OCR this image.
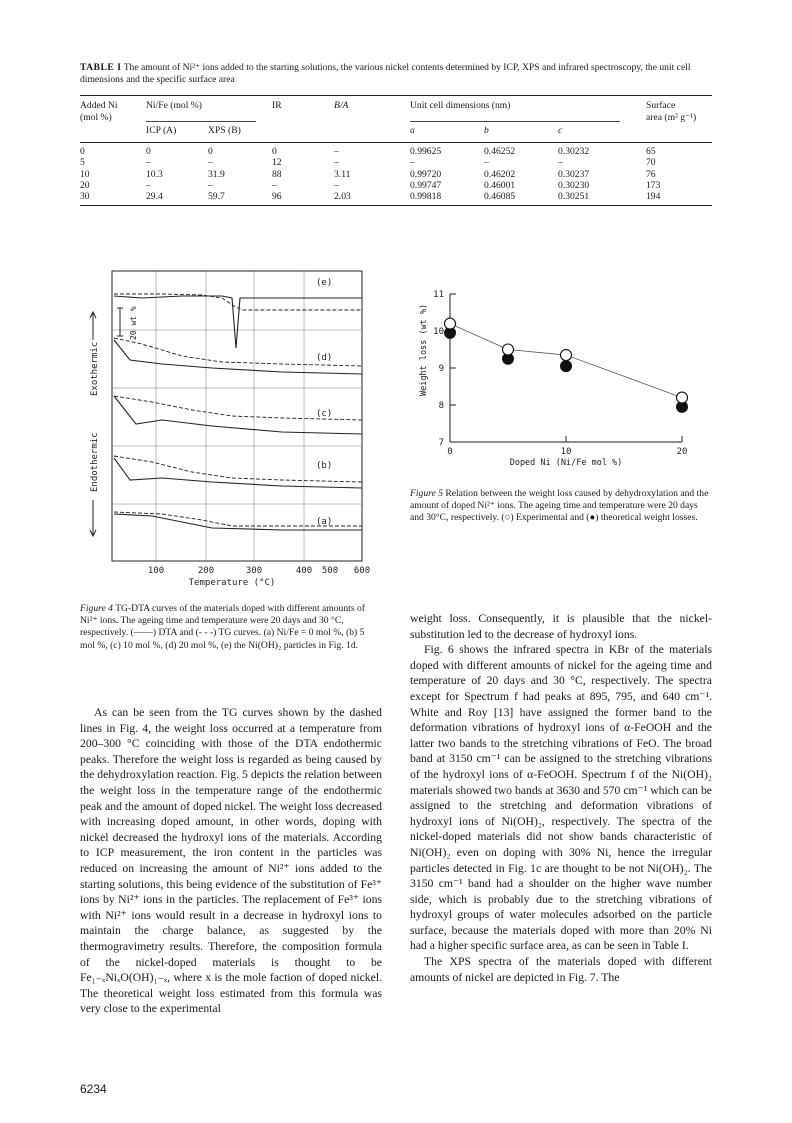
TABLE I The amount of Ni²⁺ ions added to the starting solutions, the various nickel contents determined by ICP, XPS and infrared spectroscopy, the unit cell dimensions and the specific surface area
Added Ni
(mol %)
Ni/Fe (mol %)	IR	B/A	Unit cell dimensions (nm)	Surface
area (m² g⁻¹)
ICP (A)	XPS (B)	a	b	c
0	0	0	0	–	0.99625	0.46252	0.30232	65
5	–	–	12	–	–	–	–	70
10	10.3	31.9	88	3.11	0.99720	0.46202	0.30237	76
20	–	–	–	–	0.99747	0.46001	0.30230	173
30	29.4	59.7	96	2.03	0.99818	0.46085	0.30251	194
(e)
(d)
(c)
(b)
(a)
20 wt %
Exothermic
Endothermic
100	200	300	400 500 600
Temperature (°C)
Figure 4 TG-DTA curves of the materials doped with different amounts of Ni²⁺ ions. The ageing time and temperature were 20 days and 30 °C, respectively. (——) DTA and (- - -) TG curves. (a) Ni/Fe = 0 mol %, (b) 5 mol %, (c) 10 mol %, (d) 20 mol %, (e) the Ni(OH)₂ particles in Fig. 1d.
7
8
9
10
11
0	10	20
Weight loss (wt %)
Doped Ni (Ni/Fe mol %)
Figure 5 Relation between the weight loss caused by dehydroxylation and the amount of doped Ni²⁺ ions. The ageing time and temperature were 20 days and 30°C, respectively. (○) Experimental and (●) theoretical weight losses.

As can be seen from the TG curves shown by the dashed lines in Fig. 4, the weight loss occurred at a temperature from 200–300 °C coinciding with those of the DTA endothermic peaks. Therefore the weight loss is regarded as being caused by the dehydroxylation reaction. Fig. 5 depicts the relation between the weight loss in the temperature range of the endothermic peak and the amount of doped nickel. The weight loss decreased with increasing doped amount, in other words, doping with nickel decreased the hydroxyl ions of the materials. According to ICP measurement, the iron content in the particles was reduced on increasing the amount of Ni²⁺ ions added to the starting solutions, this being evidence of the substitution of Fe³⁺ ions by Ni²⁺ ions in the particles. The replacement of Fe³⁺ ions with Ni²⁺ ions would result in a decrease in hydroxyl ions to maintain the charge balance, as suggested by the thermogravimetry results. Therefore, the composition formula of the nickel-doped materials is thought to be Fe₁₋ₓNiₓO(OH)₁₋ₓ, where x is the mole faction of doped nickel. The theoretical weight loss estimated from this formula was very close to the experimental

weight loss. Consequently, it is plausible that the nickel-substitution led to the decrease of hydroxyl ions.

Fig. 6 shows the infrared spectra in KBr of the materials doped with different amounts of nickel for the ageing time and temperature of 20 days and 30 °C, respectively. The spectra except for Spectrum f had peaks at 895, 795, and 640 cm⁻¹. White and Roy [13] have assigned the former band to the deformation vibrations of hydroxyl ions of α-FeOOH and the latter two bands to the stretching vibrations of FeO. The broad band at 3150 cm⁻¹ can be assigned to the stretching vibrations of the hydroxyl ions of α-FeOOH. Spectrum f of the Ni(OH)₂ materials showed two bands at 3630 and 570 cm⁻¹ which can be assigned to the stretching and deformation vibrations of hydroxyl ions of Ni(OH)₂, respectively. The spectra of the nickel-doped materials did not show bands characteristic of Ni(OH)₂ even on doping with 30% Ni, hence the irregular particles detected in Fig. 1c are thought to be not Ni(OH)₂. The 3150 cm⁻¹ band had a shoulder on the higher wave number side, which is probably due to the stretching vibrations of hydroxyl groups of water molecules adsorbed on the particle surface, because the materials doped with more than 20% Ni had a higher specific surface area, as can be seen in Table I.

The XPS spectra of the materials doped with different amounts of nickel are depicted in Fig. 7. The

6234
